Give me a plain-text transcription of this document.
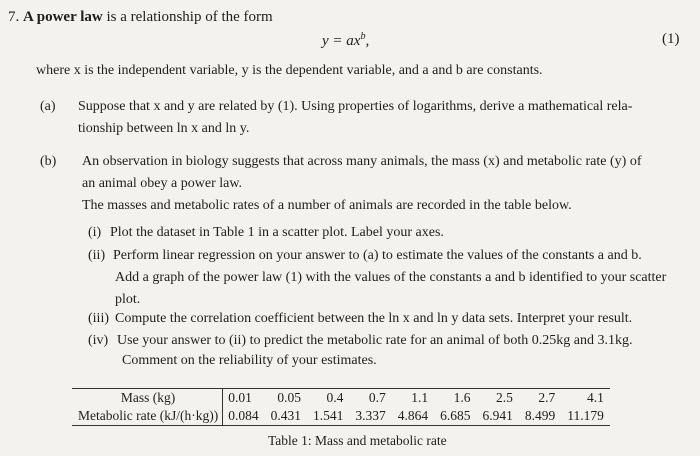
7. A power law is a relationship of the form
$y = ax^b$,	(1)
where x is the independent variable, y is the dependent variable, and a and b are constants.
(a) Suppose that x and y are related by (1). Using properties of logarithms, derive a mathematical rela-
tionship between ln x and ln y.
(b) An observation in biology suggests that across many animals, the mass (x) and metabolic rate (y) of
an animal obey a power law.
The masses and metabolic rates of a number of animals are recorded in the table below.
(i) Plot the dataset in Table 1 in a scatter plot. Label your axes.
(ii) Perform linear regression on your answer to (a) to estimate the values of the constants a and b.
Add a graph of the power law (1) with the values of the constants a and b identified to your scatter
plot.
(iii) Compute the correlation coefficient between the ln x and ln y data sets. Interpret your result.
(iv) Use your answer to (ii) to predict the metabolic rate for an animal of both 0.25kg and 3.1kg.
Comment on the reliability of your estimates.
Mass (kg)	0.01	0.05	0.4	0.7	1.1	1.6	2.5	2.7	4.1
Metabolic rate (kJ/(h·kg))	0.084	0.431	1.541	3.337	4.864	6.685	6.941	8.499	11.179
Table 1: Mass and metabolic rate
